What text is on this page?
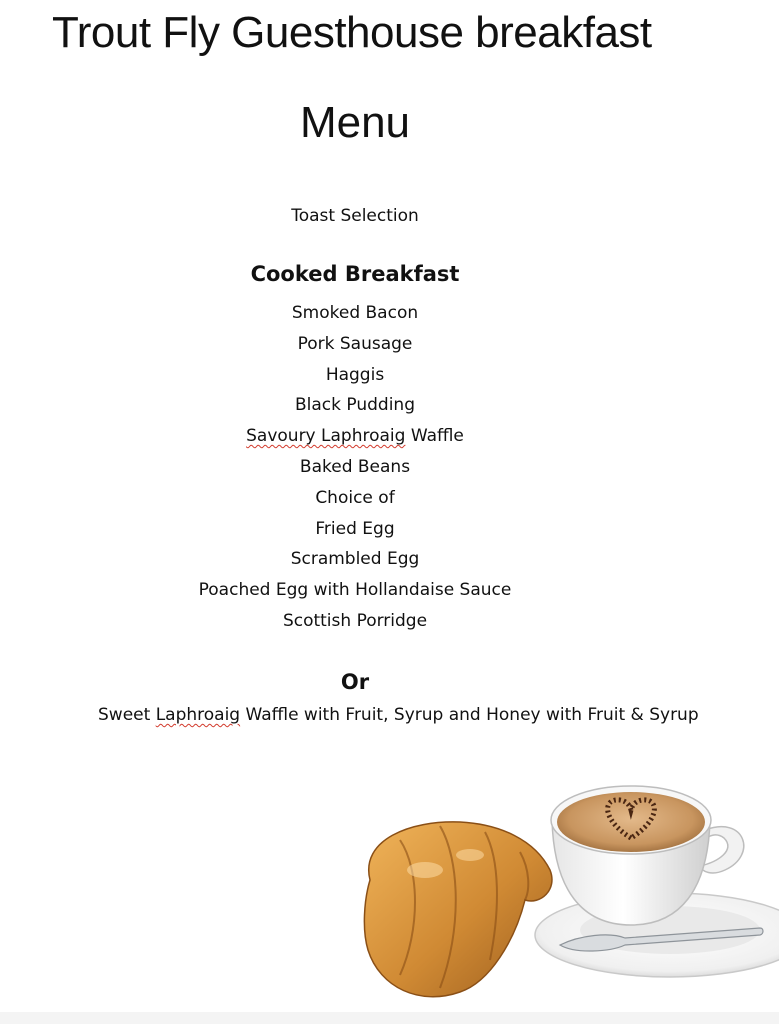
Trout Fly Guesthouse breakfast
Menu
Toast Selection
Cooked Breakfast
Smoked Bacon
Pork Sausage
Haggis
Black Pudding
Savoury Laphroaig Waffle
Baked Beans
Choice of
Fried Egg
Scrambled Egg
Poached Egg with Hollandaise Sauce
Scottish Porridge
Or
Sweet Laphroaig Waffle with Fruit, Syrup and Honey with Fruit & Syrup
